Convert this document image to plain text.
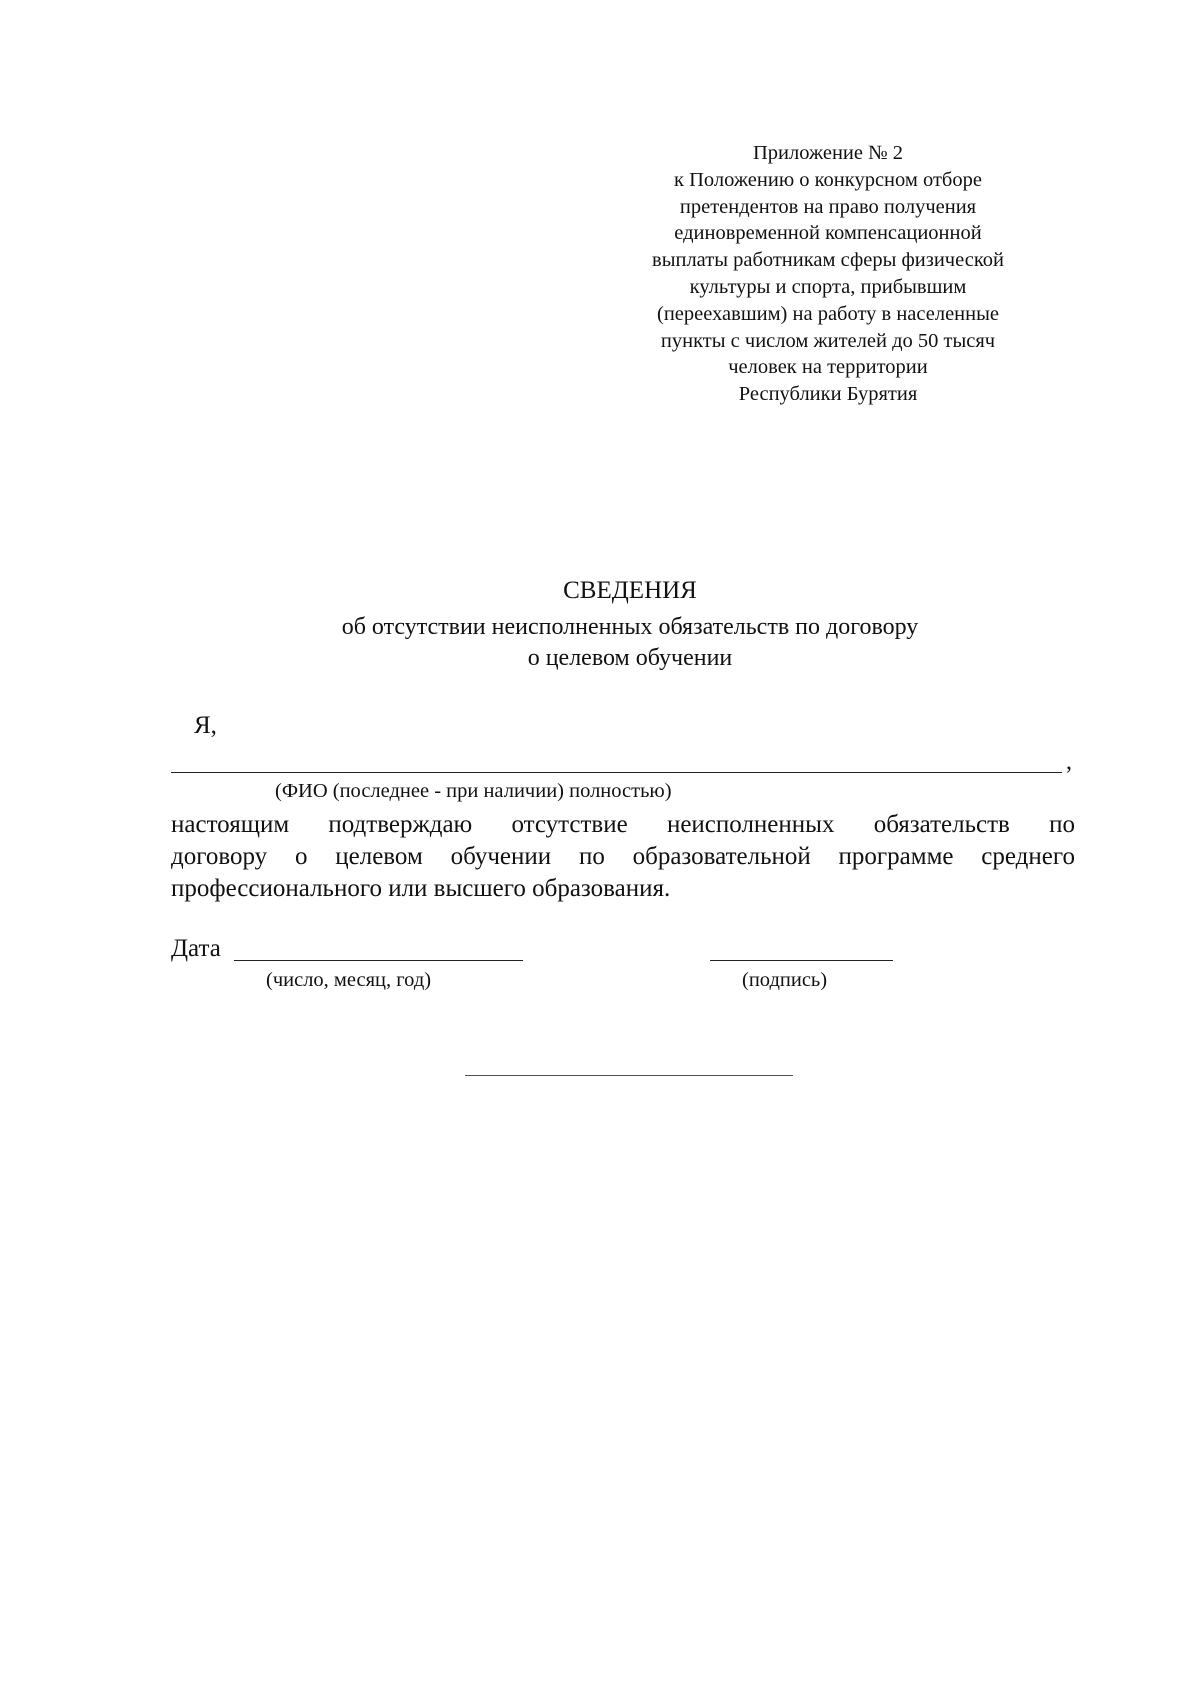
Приложение № 2
к Положению о конкурсном отборе
претендентов на право получения
единовременной компенсационной
выплаты работникам сферы физической
культуры и спорта, прибывшим
(переехавшим) на работу в населенные
пункты с числом жителей до 50 тысяч
человек на территории
Республики Бурятия
СВЕДЕНИЯ
об отсутствии неисполненных обязательств по договору
о целевом обучении
Я,
,
(ФИО (последнее - при наличии) полностью)
настоящим подтверждаю отсутствие неисполненных обязательств по
договору о целевом обучении по образовательной программе среднего
профессионального или высшего образования.
Дата
(число, месяц, год)	(подпись)
